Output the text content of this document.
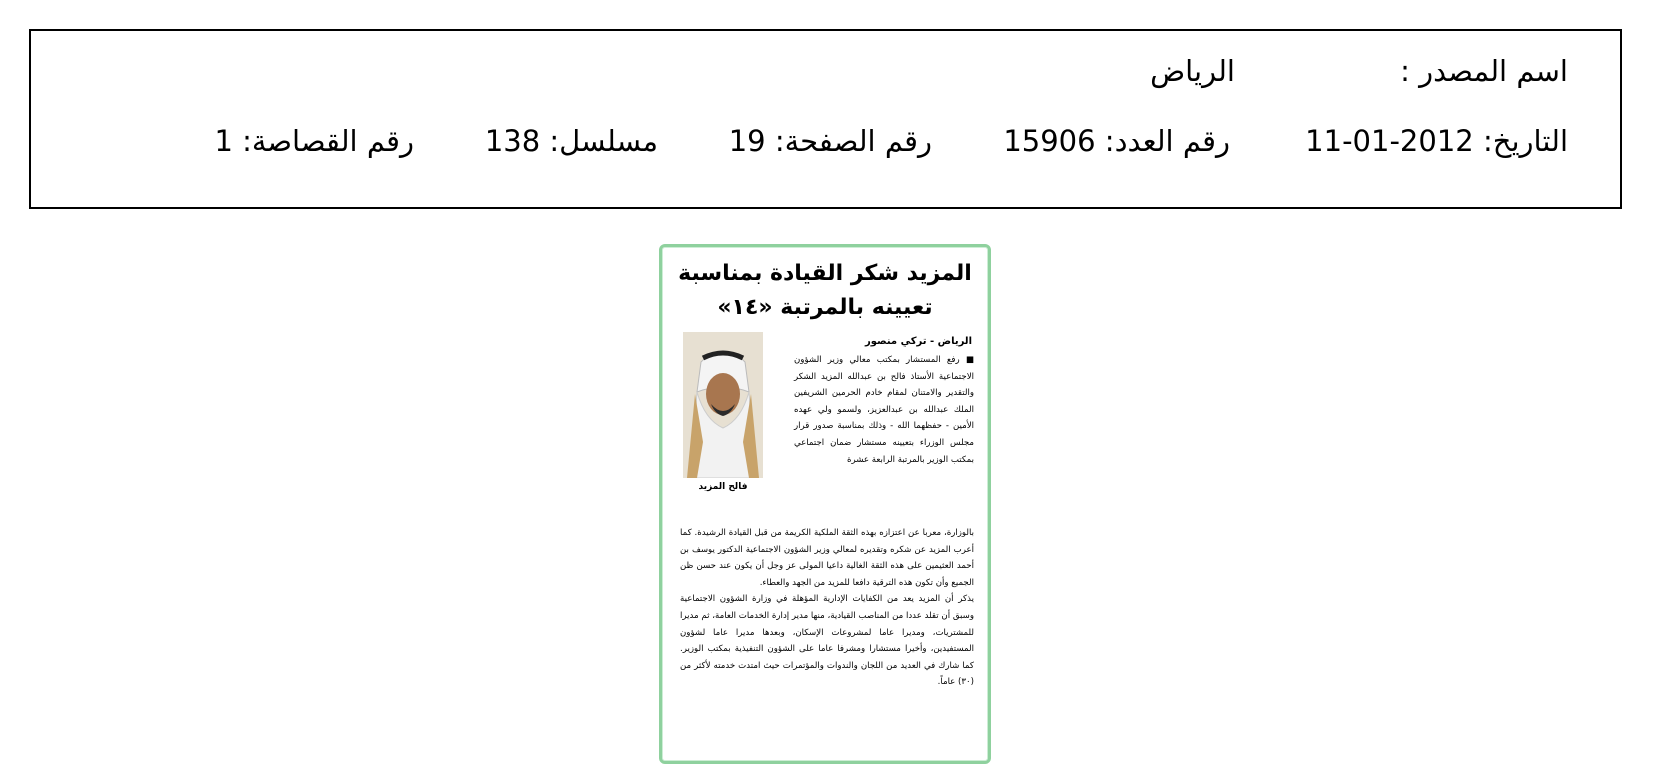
اسم المصدر :
الرياض
التاريخ: 2012-01-11
رقم العدد: 15906
رقم الصفحة: 19
مسلسل: 138
رقم القصاصة: 1
المزيد شكر القيادة بمناسبة
تعيينه بالمرتبة «١٤»
فالح المزيد
الرياض - تركي منصور
■ رفع المستشار بمكتب معالي وزير الشؤون الاجتماعية الأستاذ فالح بن عبدالله المزيد الشكر والتقدير والامتنان لمقام خادم الحرمين الشريفين الملك عبدالله بن عبدالعزيز، ولسمو ولي عهده الأمين - حفظهما الله - وذلك بمناسبة صدور قرار مجلس الوزراء بتعيينه مستشار ضمان اجتماعي بمكتب الوزير بالمرتبة الرابعة عشرة
بالوزارة، معربا عن اعتزازه بهذه الثقة الملكية الكريمة من قبل القيادة الرشيدة. كما أعرب المزيد عن شكره وتقديره لمعالي وزير الشؤون الاجتماعية الدكتور يوسف بن أحمد العثيمين على هذه الثقة الغالية داعيا المولى عز وجل أن يكون عند حسن ظن الجميع وأن تكون هذه الترقية دافعا للمزيد من الجهد والعطاء.
يذكر أن المزيد يعد من الكفايات الإدارية المؤهلة في وزارة الشؤون الاجتماعية وسبق أن تقلد عددا من المناصب القيادية، منها مدير إدارة الخدمات العامة، ثم مديرا للمشتريات، ومديرا عاما لمشروعات الإسكان، وبعدها مديرا عاما لشؤون المستفيدين، وأخيرا مستشارا ومشرفا عاما على الشؤون التنفيذية بمكتب الوزير. كما شارك في العديد من اللجان والندوات والمؤتمرات حيث امتدت خدمته لأكثر من (٣٠) عاماً.
